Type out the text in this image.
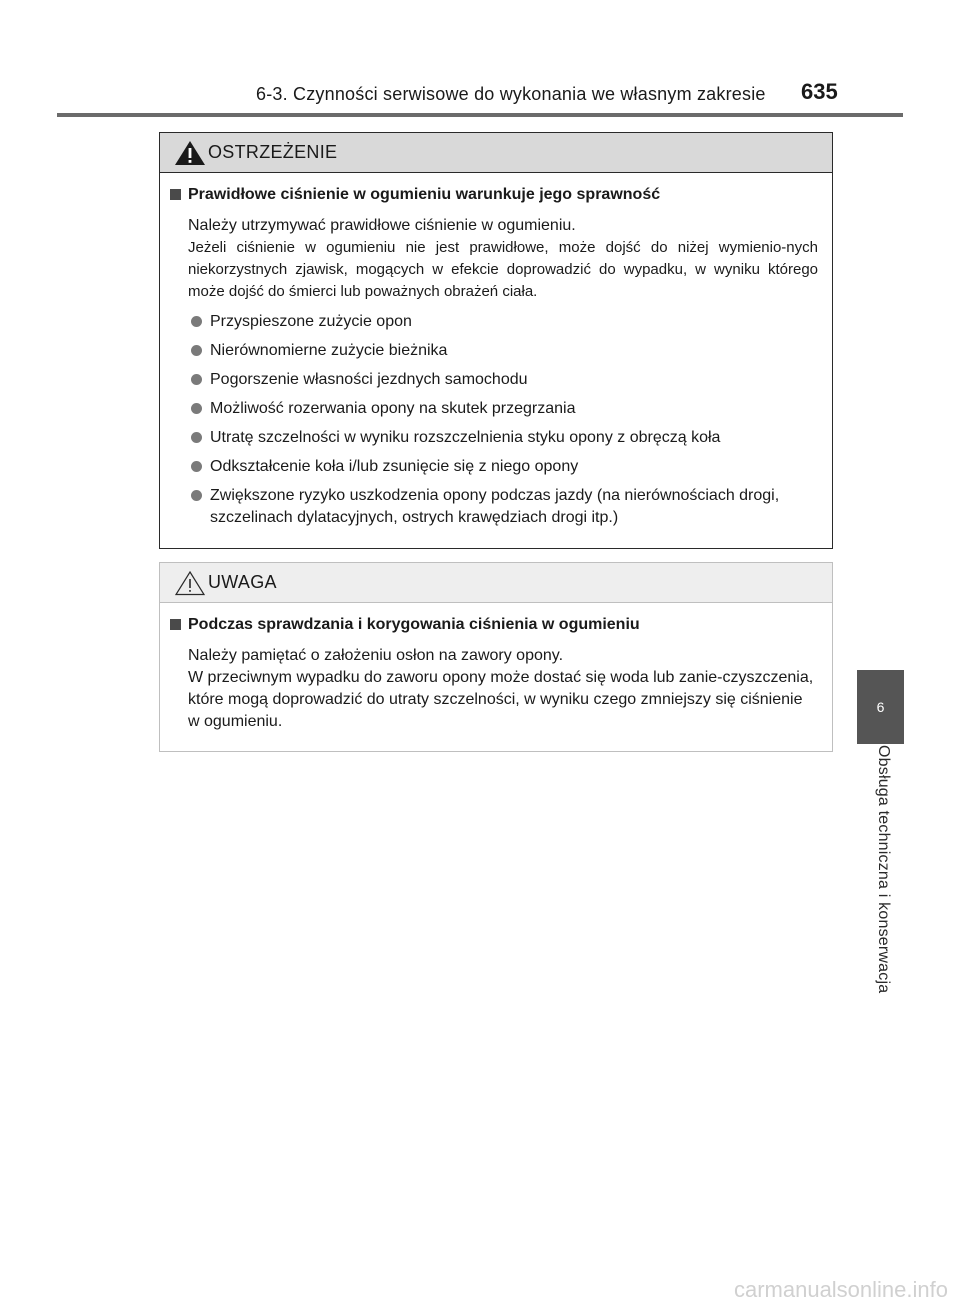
6-3. Czynności serwisowe do wykonania we własnym zakresie 635
OSTRZEŻENIE
Prawidłowe ciśnienie w ogumieniu warunkuje jego sprawność
Należy utrzymywać prawidłowe ciśnienie w ogumieniu.
Jeżeli ciśnienie w ogumieniu nie jest prawidłowe, może dojść do niżej wymienio-nych niekorzystnych zjawisk, mogących w efekcie doprowadzić do wypadku, w wyniku którego może dojść do śmierci lub poważnych obrażeń ciała.
Przyspieszone zużycie opon
Nierównomierne zużycie bieżnika
Pogorszenie własności jezdnych samochodu
Możliwość rozerwania opony na skutek przegrzania
Utratę szczelności w wyniku rozszczelnienia styku opony z obręczą koła
Odkształcenie koła i/lub zsunięcie się z niego opony
Zwiększone ryzyko uszkodzenia opony podczas jazdy (na nierównościach drogi, szczelinach dylatacyjnych, ostrych krawędziach drogi itp.)
UWAGA
Podczas sprawdzania i korygowania ciśnienia w ogumieniu
Należy pamiętać o założeniu osłon na zawory opony.
W przeciwnym wypadku do zaworu opony może dostać się woda lub zanie-czyszczenia, które mogą doprowadzić do utraty szczelności, w wyniku czego zmniejszy się ciśnienie w ogumieniu.
6
Obsługa techniczna i konserwacja
carmanualsonline.info
